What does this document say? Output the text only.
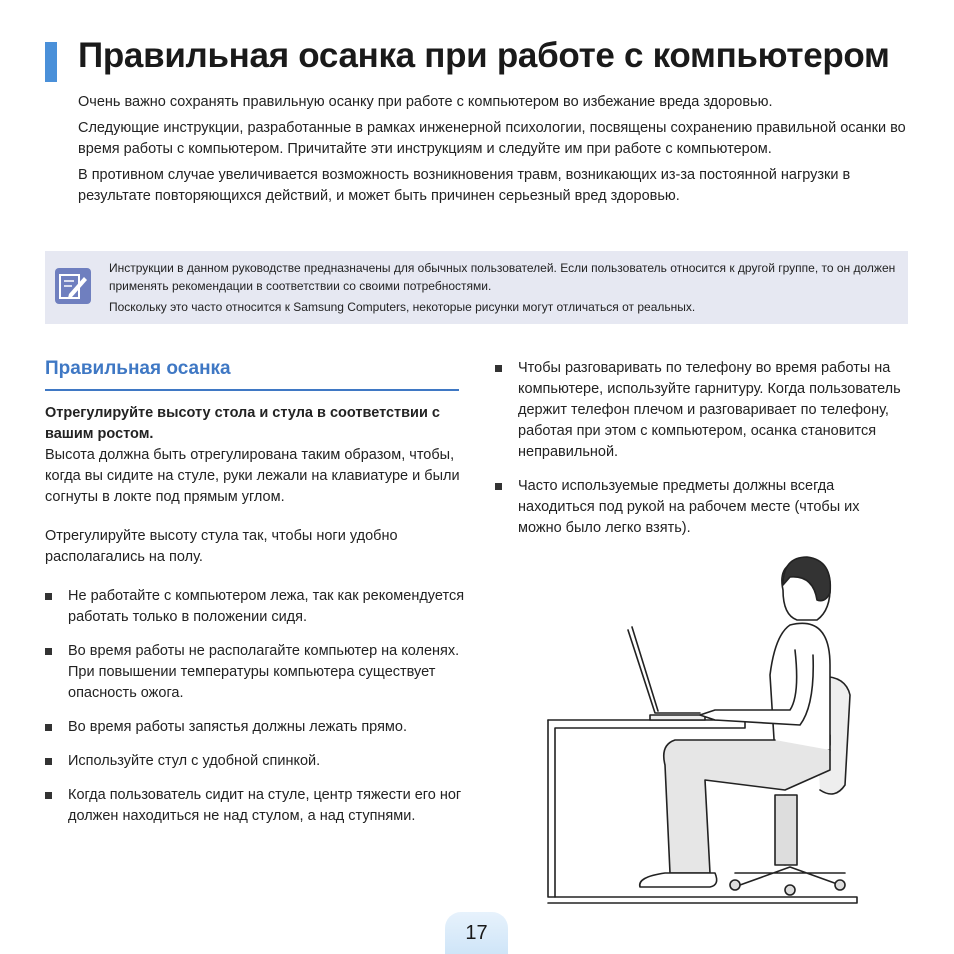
Правильная осанка при работе с компьютером

Очень важно сохранять правильную осанку при работе с компьютером во избежание вреда здоровью.

Следующие инструкции, разработанные в рамках инженерной психологии, посвящены сохранению правильной осанки во время работы с компьютером. Причитайте эти инструкциям и следуйте им при работе с компьютером.

В противном случае увеличивается возможность возникновения травм, возникающих из-за постоянной нагрузки в результате повторяющихся действий, и может быть причинен серьезный вред здоровью.

Инструкции в данном руководстве предназначены для обычных пользователей. Если пользователь относится к другой группе, то он должен применять рекомендации в соответствии со своими потребностями.

Поскольку это часто относится к Samsung Computers, некоторые рисунки могут отличаться от реальных.

Правильная осанка

Отрегулируйте высоту стола и стула в соответствии с вашим ростом.

Высота должна быть отрегулирована таким образом, чтобы, когда вы сидите на стуле, руки лежали на клавиатуре и были согнуты в локте под прямым углом.

Отрегулируйте высоту стула так, чтобы ноги удобно располагались на полу.

Не работайте с компьютером лежа, так как рекомендуется работать только в положении сидя.
Во время работы не располагайте компьютер на коленях. При повышении температуры компьютера существует опасность ожога.
Во время работы запястья должны лежать прямо.
Используйте стул с удобной спинкой.
Когда пользователь сидит на стуле, центр тяжести его ног должен находиться не над стулом, а над ступнями.
Чтобы разговаривать по телефону во время работы на компьютере, используйте гарнитуру. Когда пользователь держит телефон плечом и разговаривает по телефону, работая при этом с компьютером, осанка становится неправильной.
Часто используемые предметы должны всегда находиться под рукой на рабочем месте (чтобы их можно было легко взять).
17
